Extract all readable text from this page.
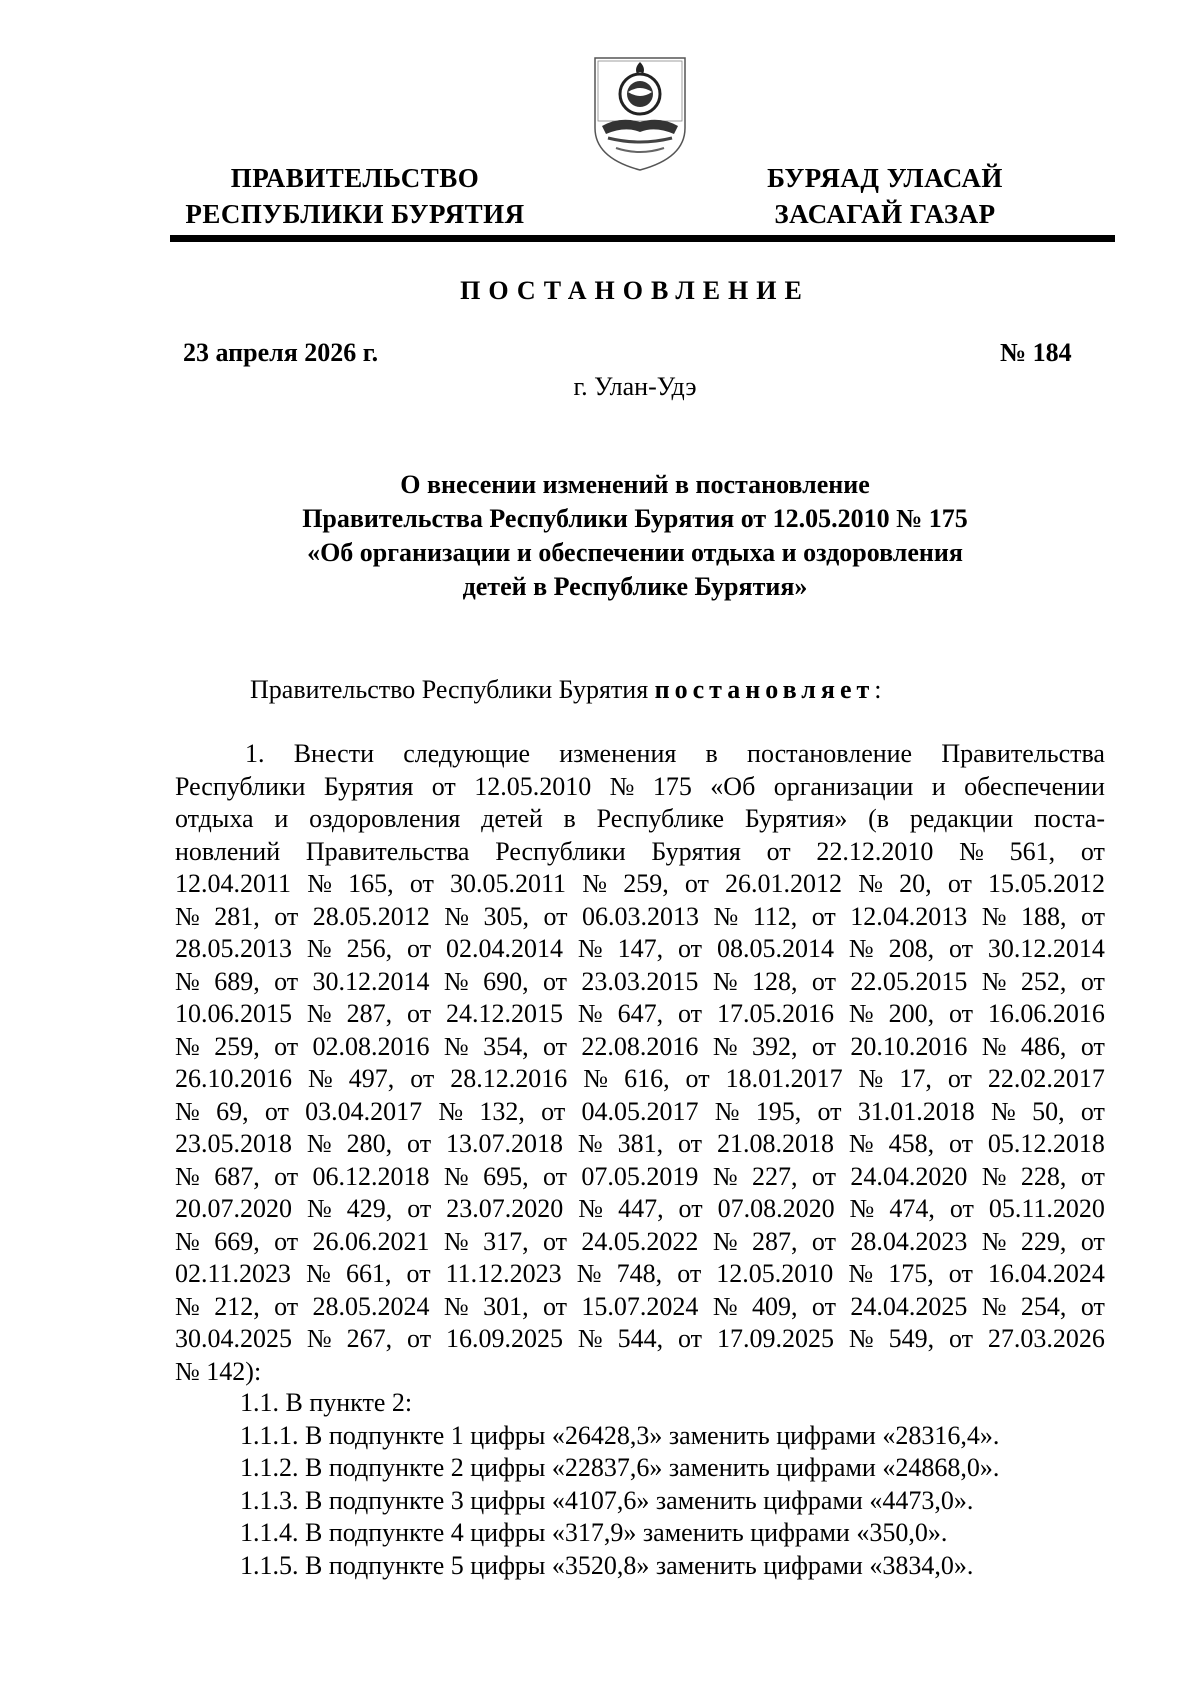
ПРАВИТЕЛЬСТВО
РЕСПУБЛИКИ БУРЯТИЯ
БУРЯАД УЛАСАЙ
ЗАСАГАЙ ГАЗАР
ПОСТАНОВЛЕНИЕ
23 апреля 2026 г.	№ 184
г. Улан-Удэ
О внесении изменений в постановление
Правительства Республики Бурятия от 12.05.2010 № 175
«Об организации и обеспечении отдыха и оздоровления
детей в Республике Бурятия»
Правительство Республики Бурятия постановляет:
1. Внести следующие изменения в постановление Правительства
Республики Бурятия от 12.05.2010 № 175 «Об организации и обеспечении
отдыха и оздоровления детей в Республике Бурятия» (в редакции поста-
новлений Правительства Республики Бурятия от 22.12.2010 № 561, от
12.04.2011 № 165, от 30.05.2011 № 259, от 26.01.2012 № 20, от 15.05.2012
№ 281, от 28.05.2012 № 305, от 06.03.2013 № 112, от 12.04.2013 № 188, от
28.05.2013 № 256, от 02.04.2014 № 147, от 08.05.2014 № 208, от 30.12.2014
№ 689, от 30.12.2014 № 690, от 23.03.2015 № 128, от 22.05.2015 № 252, от
10.06.2015 № 287, от 24.12.2015 № 647, от 17.05.2016 № 200, от 16.06.2016
№ 259, от 02.08.2016 № 354, от 22.08.2016 № 392, от 20.10.2016 № 486, от
26.10.2016 № 497, от 28.12.2016 № 616, от 18.01.2017 № 17, от 22.02.2017
№ 69, от 03.04.2017 № 132, от 04.05.2017 № 195, от 31.01.2018 № 50, от
23.05.2018 № 280, от 13.07.2018 № 381, от 21.08.2018 № 458, от 05.12.2018
№ 687, от 06.12.2018 № 695, от 07.05.2019 № 227, от 24.04.2020 № 228, от
20.07.2020 № 429, от 23.07.2020 № 447, от 07.08.2020 № 474, от 05.11.2020
№ 669, от 26.06.2021 № 317, от 24.05.2022 № 287, от 28.04.2023 № 229, от
02.11.2023 № 661, от 11.12.2023 № 748, от 12.05.2010 № 175, от 16.04.2024
№ 212, от 28.05.2024 № 301, от 15.07.2024 № 409, от 24.04.2025 № 254, от
30.04.2025 № 267, от 16.09.2025 № 544, от 17.09.2025 № 549, от 27.03.2026
№ 142):
1.1. В пункте 2:
1.1.1. В подпункте 1 цифры «26428,3» заменить цифрами «28316,4».
1.1.2. В подпункте 2 цифры «22837,6» заменить цифрами «24868,0».
1.1.3. В подпункте 3 цифры «4107,6» заменить цифрами «4473,0».
1.1.4. В подпункте 4 цифры «317,9» заменить цифрами «350,0».
1.1.5. В подпункте 5 цифры «3520,8» заменить цифрами «3834,0».
